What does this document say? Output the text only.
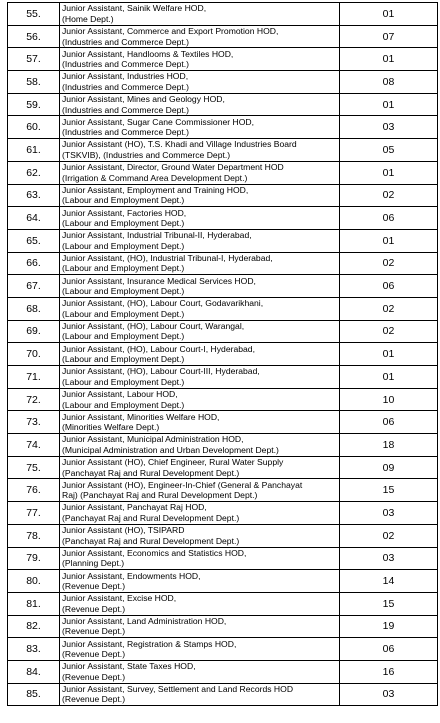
55.	Junior Assistant, Sainik Welfare HOD,
(Home Dept.)	01
56.	Junior Assistant, Commerce and Export Promotion HOD,
(Industries and Commerce Dept.)	07
57.	Junior Assistant, Handlooms & Textiles HOD,
(Industries and Commerce Dept.)	01
58.	Junior Assistant, Industries HOD,
(Industries and Commerce Dept.)	08
59.	Junior Assistant, Mines and Geology HOD,
(Industries and Commerce Dept.)	01
60.	Junior Assistant, Sugar Cane Commissioner HOD,
(Industries and Commerce Dept.)	03
61.	Junior Assistant (HO), T.S. Khadi and Village Industries Board
(TSKVIB), (Industries and Commerce Dept.)	05
62.	Junior Assistant, Director, Ground Water Department HOD
(Irrigation & Command Area Development Dept.)	01
63.	Junior Assistant, Employment and Training HOD,
(Labour and Employment Dept.)	02
64.	Junior Assistant, Factories HOD,
(Labour and Employment Dept.)	06
65.	Junior Assistant, Industrial Tribunal-II, Hyderabad,
(Labour and Employment Dept.)	01
66.	Junior Assistant, (HO), Industrial Tribunal-I, Hyderabad,
(Labour and Employment Dept.)	02
67.	Junior Assistant, Insurance Medical Services HOD,
(Labour and Employment Dept.)	06
68.	Junior Assistant, (HO), Labour Court, Godavarikhani,
(Labour and Employment Dept.)	02
69.	Junior Assistant, (HO), Labour Court, Warangal,
(Labour and Employment Dept.)	02
70.	Junior Assistant, (HO), Labour Court-I, Hyderabad,
(Labour and Employment Dept.)	01
71.	Junior Assistant, (HO), Labour Court-III, Hyderabad,
(Labour and Employment Dept.)	01
72.	Junior Assistant, Labour HOD,
(Labour and Employment Dept.)	10
73.	Junior Assistant, Minorities Welfare HOD,
(Minorities Welfare Dept.)	06
74.	Junior Assistant, Municipal Administration HOD,
(Municipal Administration and Urban Development Dept.)	18
75.	Junior Assistant (HO), Chief Engineer, Rural Water Supply
(Panchayat Raj and Rural Development Dept.)	09
76.	Junior Assistant (HO), Engineer-In-Chief (General & Panchayat
Raj) (Panchayat Raj and Rural Development Dept.)	15
77.	Junior Assistant, Panchayat Raj HOD,
(Panchayat Raj and Rural Development Dept.)	03
78.	Junior Assistant (HO), TSIPARD
(Panchayat Raj and Rural Development Dept.)	02
79.	Junior Assistant, Economics and Statistics HOD,
(Planning Dept.)	03
80.	Junior Assistant, Endowments HOD,
(Revenue Dept.)	14
81.	Junior Assistant, Excise HOD,
(Revenue Dept.)	15
82.	Junior Assistant, Land Administration HOD,
(Revenue Dept.)	19
83.	Junior Assistant, Registration & Stamps HOD,
(Revenue Dept.)	06
84.	Junior Assistant, State Taxes HOD,
(Revenue Dept.)	16
85.	Junior Assistant, Survey, Settlement and Land Records HOD
(Revenue Dept.)	03
